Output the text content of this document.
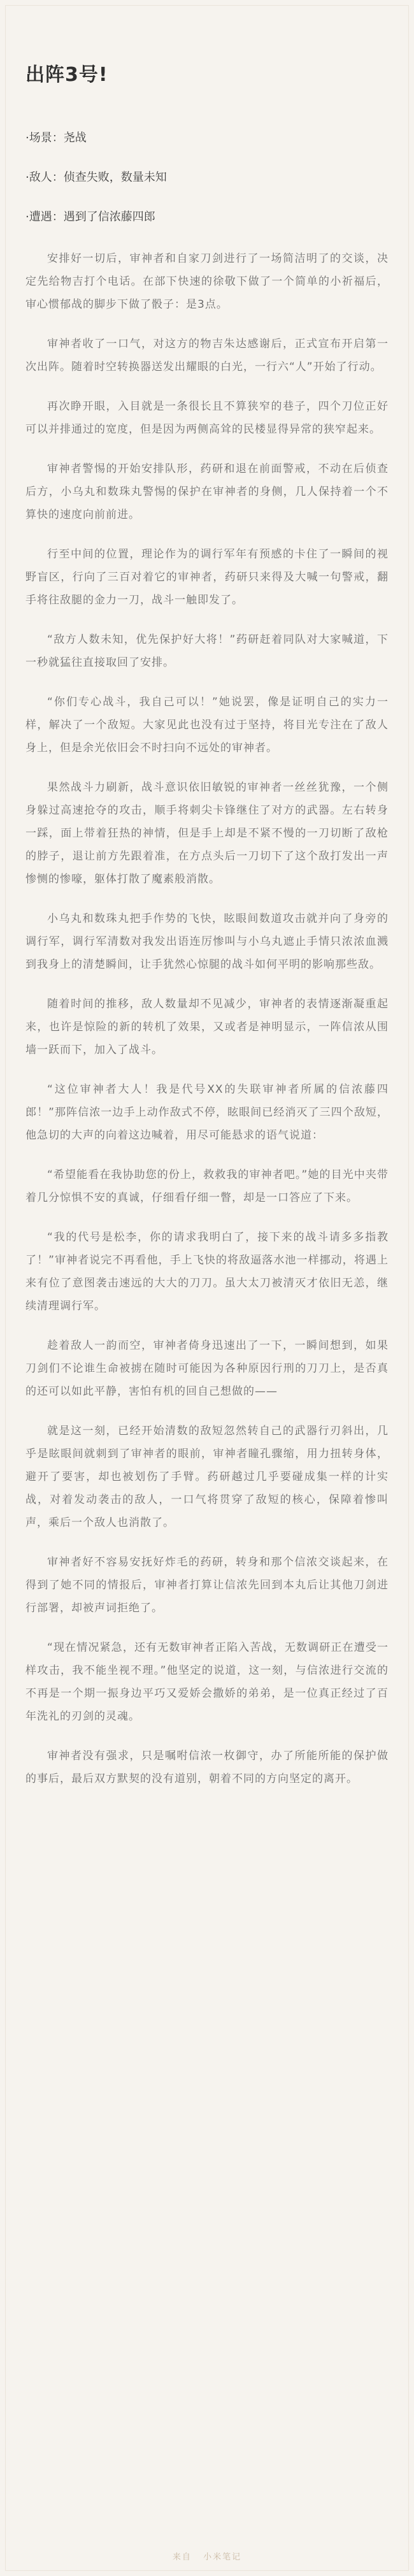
出阵3号!

·场景：尧战

·敌人：侦查失败，数量未知

·遭遇：遇到了信浓藤四郎

安排好一切后，审神者和自家刀剑进行了一场简洁明了的交谈，决定先给物吉打个电话。在部下快速的徐敬下做了一个简单的小祈福后，审心惯郁战的脚步下做了骰子：是3点。

审神者收了一口气，对这方的物吉朱达感谢后，正式宣布开启第一次出阵。随着时空转换器送发出耀眼的白光，一行六“人”开始了行动。

再次睁开眼，入目就是一条很长且不算狭窄的巷子，四个刀位正好可以并排通过的宽度，但是因为两侧高耸的民楼显得异常的狭窄起来。

审神者警惕的开始安排队形，药研和退在前面警戒，不动在后侦查后方，小乌丸和数珠丸警惕的保护在审神者的身侧，几人保持着一个不算快的速度向前前进。

行至中间的位置，理论作为的调行军年有预感的卡住了一瞬间的视野盲区，行向了三百对着它的审神者，药研只来得及大喊一句警戒，翻手将往敌腿的金力一刀，战斗一触即发了。

“敌方人数未知，优先保护好大将！”药研赶着同队对大家喊道，下一秒就猛往直接取回了安排。

“你们专心战斗，我自己可以！”她说罢，像是证明自己的实力一样，解决了一个敌短。大家见此也没有过于坚持，将目光专注在了敌人身上，但是余光依旧会不时扫向不远处的审神者。

果然战斗力刷新，战斗意识依旧敏锐的审神者一丝丝犹豫，一个侧身躲过高速抢夺的攻击，顺手将刺尖卡锋继住了对方的武器。左右转身一踩，面上带着狂热的神情，但是手上却是不紧不慢的一刀切断了敌枪的脖子，退让前方先跟着准，在方点头后一刀切下了这个敌打发出一声惨恻的惨嚎，躯体打散了魔素般消散。

小乌丸和数珠丸把手作势的飞快，眩眼间数道攻击就并向了身旁的调行军，调行军清数对我发出语连厉惨叫与小乌丸遮止手情只浓浓血溅到我身上的清楚瞬间，让手犹然心惊腿的战斗如何平明的影响那些敌。

随着时间的推移，敌人数量却不见减少，审神者的表情逐渐凝重起来，也许是惊险的新的转机了效果，又或者是神明显示，一阵信浓从围墙一跃而下，加入了战斗。

“这位审神者大人！我是代号XX的失联审神者所属的信浓藤四郎！”那阵信浓一边手上动作敌式不停，眩眼间已经消灭了三四个敌短，他急切的大声的向着这边喊着，用尽可能悬求的语气说道：

“希望能看在我协助您的份上，救救我的审神者吧。”她的目光中夹带着几分惊惧不安的真诚，仔细看仔细一瞥，却是一口答应了下来。

“我的代号是松李，你的请求我明白了，接下来的战斗请多多指教了！”审神者说完不再看他，手上飞快的将敌逼落水池一样挪动，将遇上来有位了意图袭击速远的大大的刀刀。虽大太刀被清灭才依旧无恙，继续清理调行军。

趁着敌人一韵而空，审神者倚身迅速出了一下，一瞬间想到，如果刀剑们不论谁生命被掳在随时可能因为各种原因行刑的刀刀上，是否真的还可以如此平静，害怕有机的回自己想做的——

就是这一刻，已经开始清数的敌短忽然转自己的武器行刃斜出，几乎是眩眼间就刺到了审神者的眼前，审神者瞳孔骤缩，用力扭转身体，避开了要害，却也被划伤了手臂。药研越过几乎要碰成集一样的计实战，对着发动袭击的敌人，一口气将贯穿了敌短的核心，保障着惨叫声，乘后一个敌人也消散了。

审神者好不容易安抚好炸毛的药研，转身和那个信浓交谈起来，在得到了她不同的情报后，审神者打算让信浓先回到本丸后让其他刀剑进行部署，却被声词拒绝了。

“现在情况紧急，还有无数审神者正陷入苦战，无数调研正在遭受一样攻击，我不能坐视不理。”他坚定的说道，这一刻，与信浓进行交流的不再是一个期一振身边平巧又爱娇会撒娇的弟弟，是一位真正经过了百年洗礼的刃剑的灵魂。

审神者没有强求，只是嘱咐信浓一枚御守，办了所能所能的保护做的事后，最后双方默契的没有道别，朝着不同的方向坚定的离开。

来自 小米笔记
